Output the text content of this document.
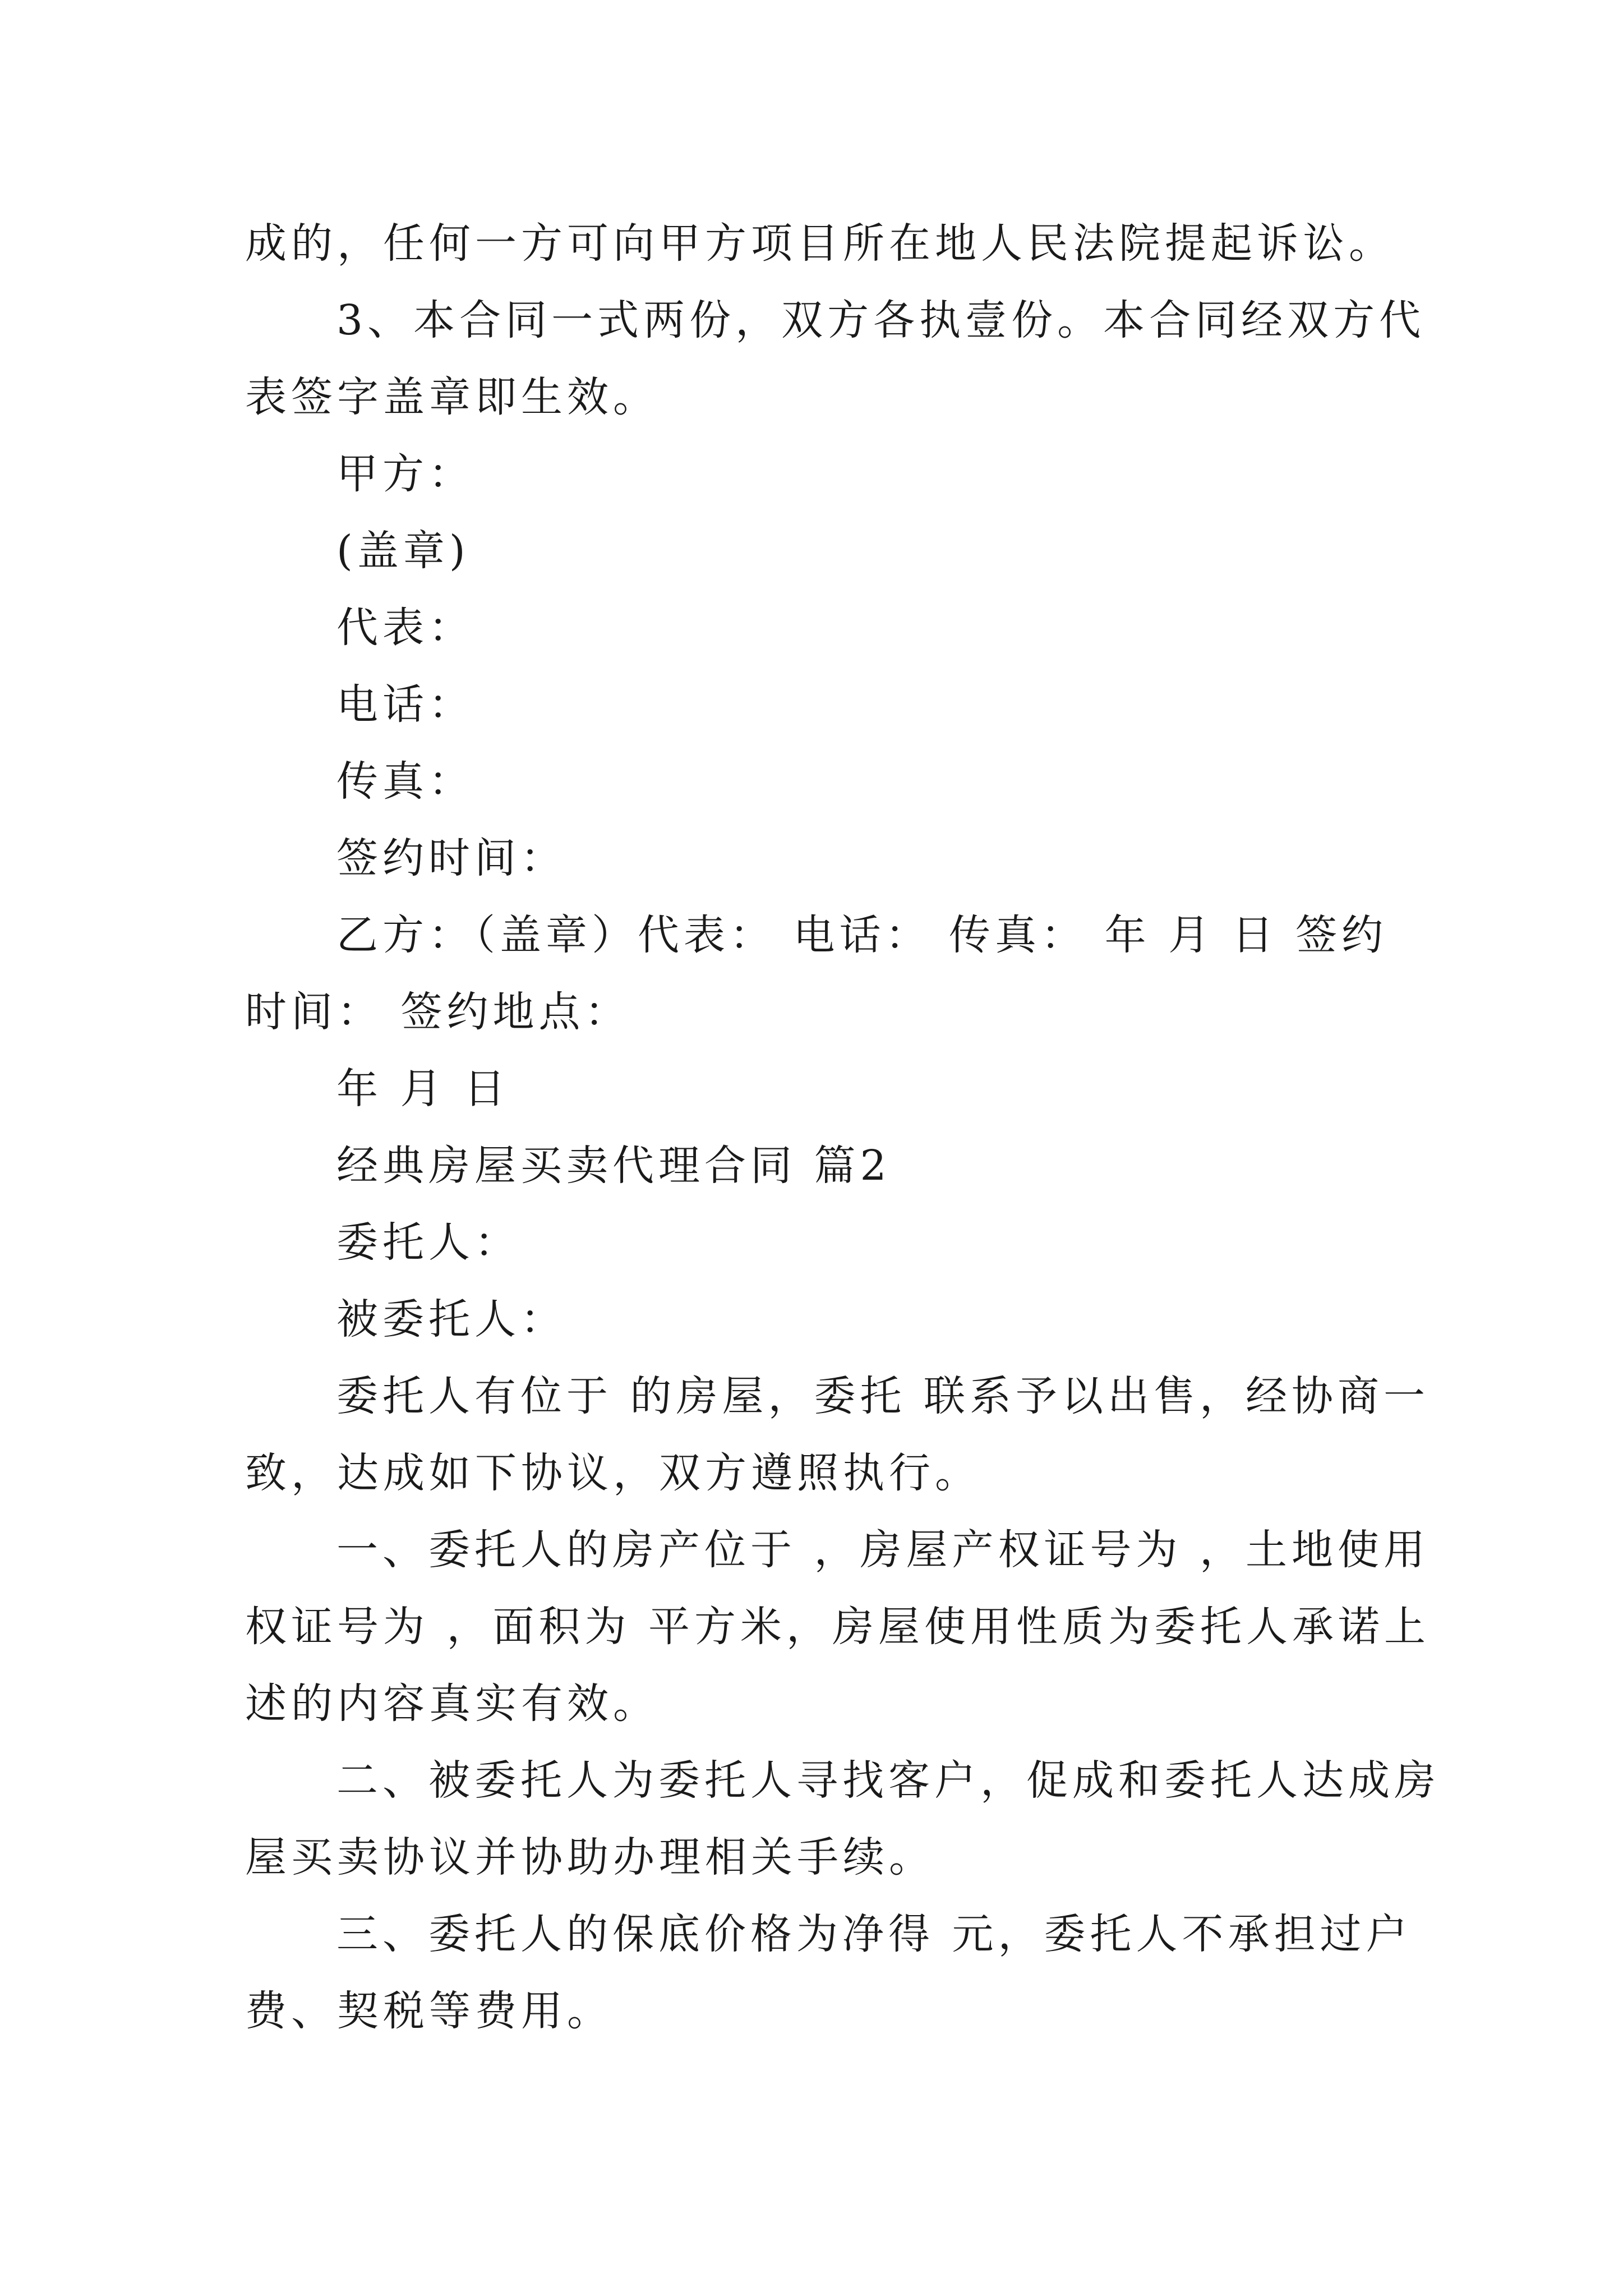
成的，任何一方可向甲方项目所在地人民法院提起诉讼。
3、本合同一式两份，双方各执壹份。本合同经双方代
表签字盖章即生效。
甲方：
(盖章)
代表：
电话：
传真：
签约时间：
乙方：（盖章）代表： 电话： 传真： 年 月 日 签约
时间： 签约地点：
年 月 日
经典房屋买卖代理合同 篇2
委托人：
被委托人：
委托人有位于 的房屋，委托 联系予以出售，经协商一
致，达成如下协议，双方遵照执行。
一、委托人的房产位于 ，房屋产权证号为 ，土地使用
权证号为 ，面积为 平方米，房屋使用性质为委托人承诺上
述的内容真实有效。
二、被委托人为委托人寻找客户，促成和委托人达成房
屋买卖协议并协助办理相关手续。
三、委托人的保底价格为净得 元，委托人不承担过户
费、契税等费用。
